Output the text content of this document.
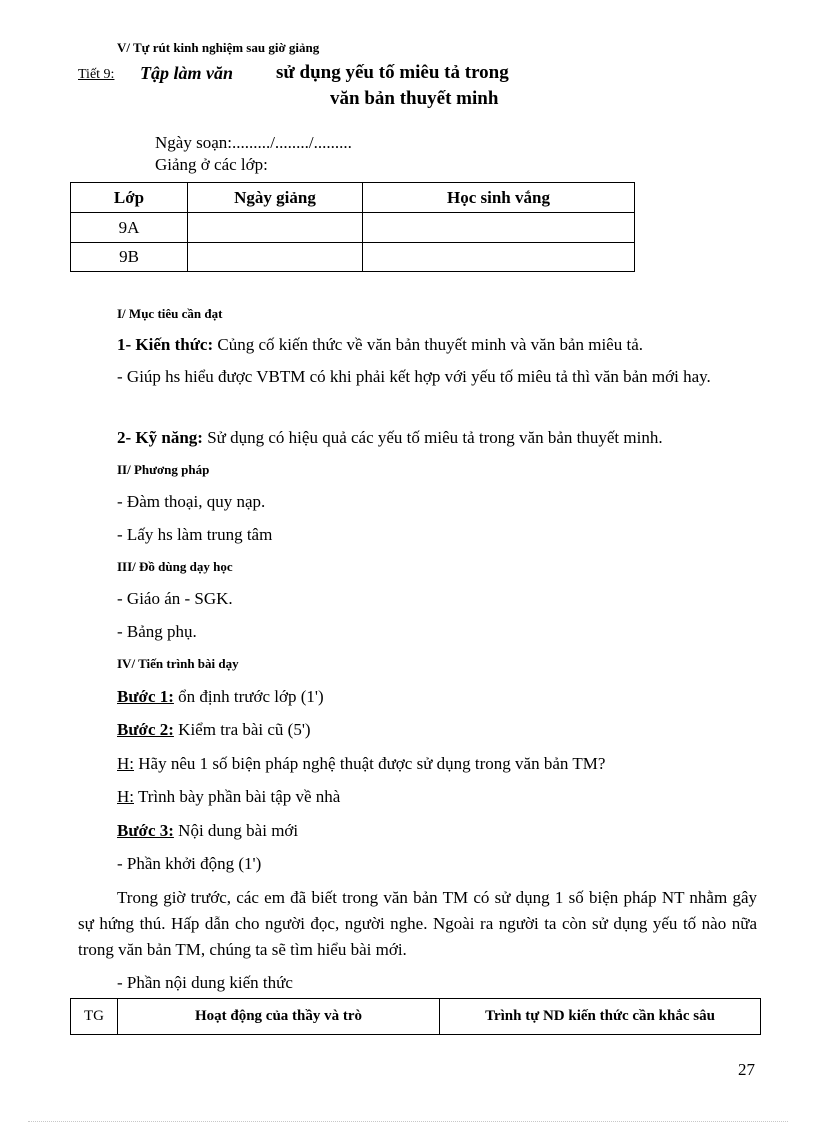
V/ Tự rút kinh nghiệm sau giờ giảng
Tiết 9: Tập làm văn sử dụng yếu tố miêu tả trong
văn bản thuyết minh
Ngày soạn:........./......../.........
Giảng ở các lớp:
Lớp	Ngày giảng	Học sinh vắng
9A		
9B		
I/ Mục tiêu cần đạt
1- Kiến thức: Củng cố kiến thức về văn bản thuyết minh và văn bản miêu tả.
- Giúp hs hiểu được VBTM có khi phải kết hợp với yếu tố miêu tả thì văn bản mới hay.
2- Kỹ năng: Sử dụng có hiệu quả các yếu tố miêu tả trong văn bản thuyết minh.
II/ Phương pháp
- Đàm thoại, quy nạp.
- Lấy hs làm trung tâm
III/ Đồ dùng dạy học
- Giáo án - SGK.
- Bảng phụ.
IV/ Tiến trình bài dạy
Bước 1: ổn định trước lớp (1')
Bước 2: Kiểm tra bài cũ (5')
H: Hãy nêu 1 số biện pháp nghệ thuật được sử dụng trong văn bản TM?
H: Trình bày phần bài tập về nhà
Bước 3: Nội dung bài mới
- Phần khởi động (1')
Trong giờ trước, các em đã biết trong văn bản TM có sử dụng 1 số biện pháp NT nhằm gây sự hứng thú. Hấp dẫn cho người đọc, người nghe. Ngoài ra người ta còn sử dụng yếu tố nào nữa trong văn bản TM, chúng ta sẽ tìm hiểu bài mới.
- Phần nội dung kiến thức
TG	Hoạt động của thầy và trò	Trình tự ND kiến thức cần khắc sâu
27
